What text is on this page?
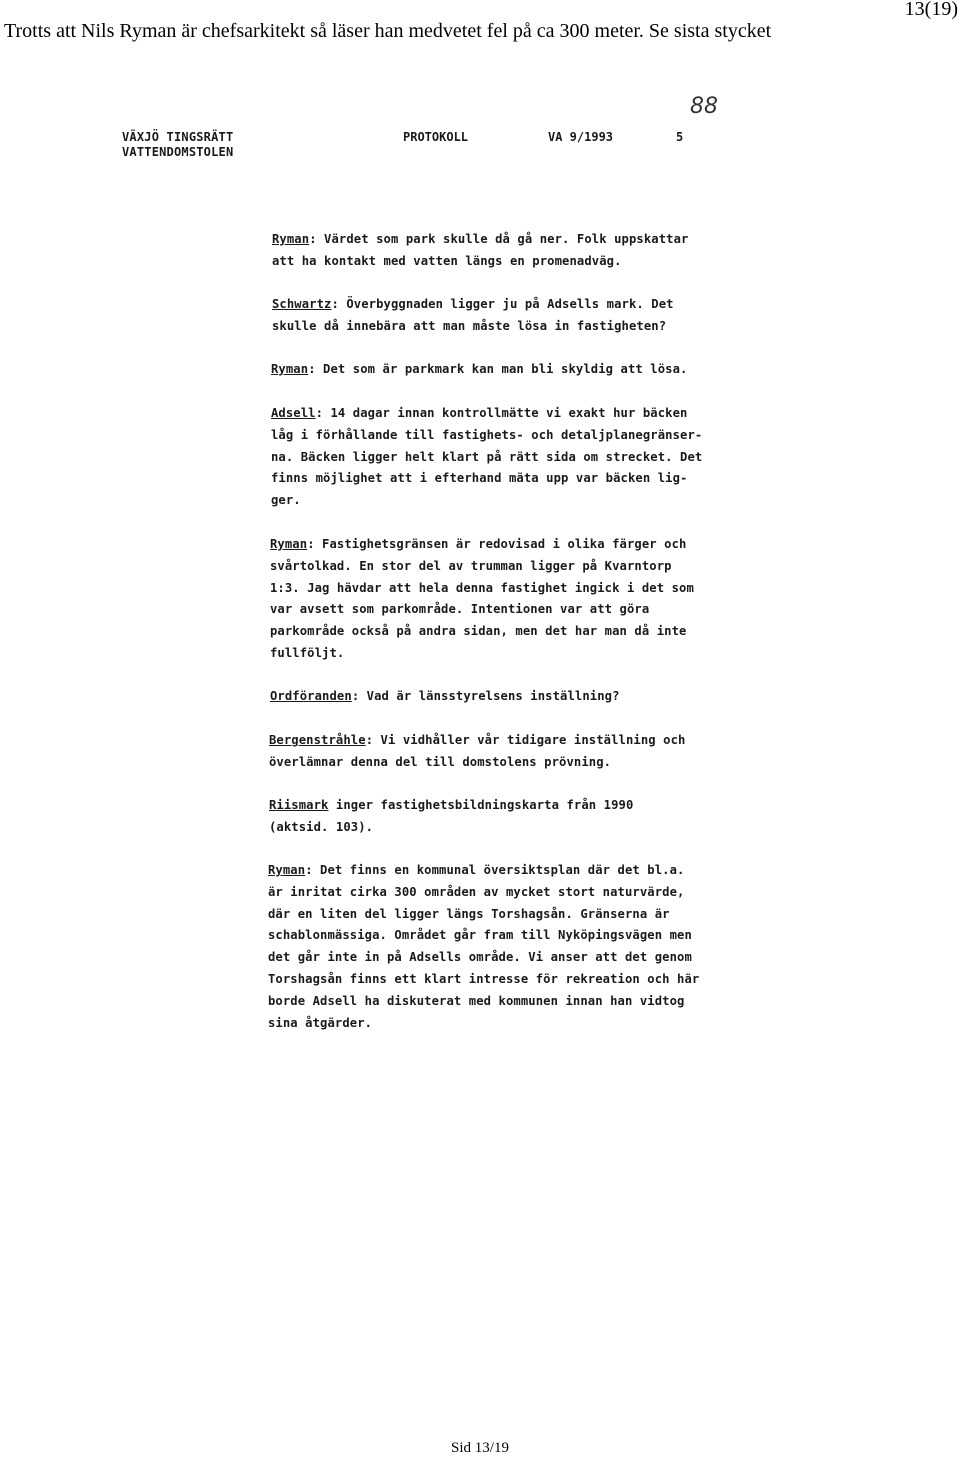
Trotts att Nils Ryman är chefsarkitekt så läser han medvetet fel på ca 300 meter. Se sista stycket
13(19)
88
VÄXJÖ TINGSRÄTT
VATTENDOMSTOLEN
PROTOKOLL	VA 9/1993	5
Ryman: Värdet som park skulle då gå ner. Folk uppskattar
att ha kontakt med vatten längs en promenadväg.
Schwartz: Överbyggnaden ligger ju på Adsells mark. Det
skulle då innebära att man måste lösa in fastigheten?
Ryman: Det som är parkmark kan man bli skyldig att lösa.
Adsell: 14 dagar innan kontrollmätte vi exakt hur bäcken
låg i förhållande till fastighets- och detaljplanegränser-
na. Bäcken ligger helt klart på rätt sida om strecket. Det
finns möjlighet att i efterhand mäta upp var bäcken lig-
ger.
Ryman: Fastighetsgränsen är redovisad i olika färger och
svårtolkad. En stor del av trumman ligger på Kvarntorp
1:3. Jag hävdar att hela denna fastighet ingick i det som
var avsett som parkområde. Intentionen var att göra
parkområde också på andra sidan, men det har man då inte
fullföljt.
Ordföranden: Vad är länsstyrelsens inställning?
Bergenstråhle: Vi vidhåller vår tidigare inställning och
överlämnar denna del till domstolens prövning.
Riismark inger fastighetsbildningskarta från 1990
(aktsid. 103).
Ryman: Det finns en kommunal översiktsplan där det bl.a.
är inritat cirka 300 områden av mycket stort naturvärde,
där en liten del ligger längs Torshagsån. Gränserna är
schablonmässiga. Området går fram till Nyköpingsvägen men
det går inte in på Adsells område. Vi anser att det genom
Torshagsån finns ett klart intresse för rekreation och här
borde Adsell ha diskuterat med kommunen innan han vidtog
sina åtgärder.
Sid 13/19
